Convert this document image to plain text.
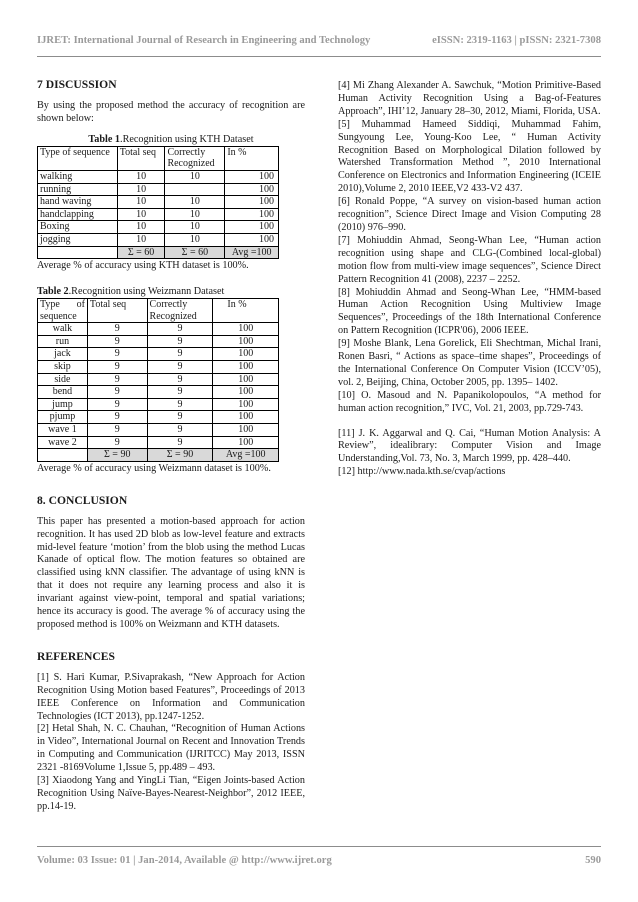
IJRET: International Journal of Research in Engineering and Technology	eISSN: 2319-1163 | pISSN: 2321-7308
7 DISCUSSION

By using the proposed method the accuracy of recognition are shown below:

Table 1.Recognition using KTH Dataset
Type of sequence	Total seq	Correctly Recognized	In %
walking	10	10	100
running	10		100
hand waving	10	10	100
handclapping	10	10	100
Boxing	10	10	100
jogging	10	10	100
	Σ = 60	Σ = 60	Avg =100

Average % of accuracy using KTH dataset is 100%.

Table 2.Recognition using Weizmann Dataset
Type of sequence	Total seq	Correctly Recognized	In %
walk	9	9	100
run	9	9	100
jack	9	9	100
skip	9	9	100
side	9	9	100
bend	9	9	100
jump	9	9	100
pjump	9	9	100
wave 1	9	9	100
wave 2	9	9	100
	Σ = 90	Σ = 90	Avg =100

Average % of accuracy using Weizmann dataset is 100%.

8. CONCLUSION

This paper has presented a motion-based approach for action recognition. It has used 2D blob as low-level feature and extracts mid-level feature ‘motion’ from the blob using the method Lucas Kanade of optical flow. The motion features so obtained are classified using kNN classifier. The advantage of using kNN is that it does not require any learning process and also it is invariant against view-point, temporal and spatial variations; hence its accuracy is good. The average % of accuracy using the proposed method is 100% on Weizmann and KTH datasets.

REFERENCES

[1] S. Hari Kumar, P.Sivaprakash, “New Approach for Action Recognition Using Motion based Features”, Proceedings of 2013 IEEE Conference on Information and Communication Technologies (ICT 2013), pp.1247-1252.

[2] Hetal Shah, N. C. Chauhan, “Recognition of Human Actions in Video”, International Journal on Recent and Innovation Trends in Computing and Communication (IJRITCC) May 2013, ISSN 2321 -8169Volume 1,Issue 5, pp.489 – 493.

[3] Xiaodong Yang and YingLi Tian, “Eigen Joints-based Action Recognition Using Naïve-Bayes-Nearest-Neighbor”, 2012 IEEE, pp.14-19.

[4] Mi Zhang Alexander A. Sawchuk, “Motion Primitive-Based Human Activity Recognition Using a Bag-of-Features Approach”, IHI’12, January 28–30, 2012, Miami, Florida, USA.

[5] Muhammad Hameed Siddiqi, Muhammad Fahim, Sungyoung Lee, Young-Koo Lee, “ Human Activity Recognition Based on Morphological Dilation followed by Watershed Transformation Method ”, 2010 International Conference on Electronics and Information Engineering (ICEIE 2010),Volume 2, 2010 IEEE,V2 433-V2 437.

[6] Ronald Poppe, “A survey on vision-based human action recognition”, Science Direct Image and Vision Computing 28 (2010) 976–990.

[7] Mohiuddin Ahmad, Seong-Whan Lee, “Human action recognition using shape and CLG-(Combined local-global) motion flow from multi-view image sequences”, Science Direct Pattern Recognition 41 (2008), 2237 – 2252.

[8] Mohiuddin Ahmad and Seong-Whan Lee, “HMM-based Human Action Recognition Using Multiview Image Sequences”, Proceedings of the 18th International Conference on Pattern Recognition (ICPR'06), 2006 IEEE.

[9] Moshe Blank, Lena Gorelick, Eli Shechtman, Michal Irani, Ronen Basri, “ Actions as space–time shapes”, Proceedings of the International Conference On Computer Vision (ICCV’05), vol. 2, Beijing, China, October 2005, pp. 1395– 1402.

[10] O. Masoud and N. Papanikolopoulos, “A method for human action recognition,” IVC, Vol. 21, 2003, pp.729-743.

[11] J. K. Aggarwal and Q. Cai, “Human Motion Analysis: A Review”, idealibrary: Computer Vision and Image Understanding,Vol. 73, No. 3, March 1999, pp. 428–440.

[12] http://www.nada.kth.se/cvap/actions

Volume: 03 Issue: 01 | Jan-2014, Available @ http://www.ijret.org	590
